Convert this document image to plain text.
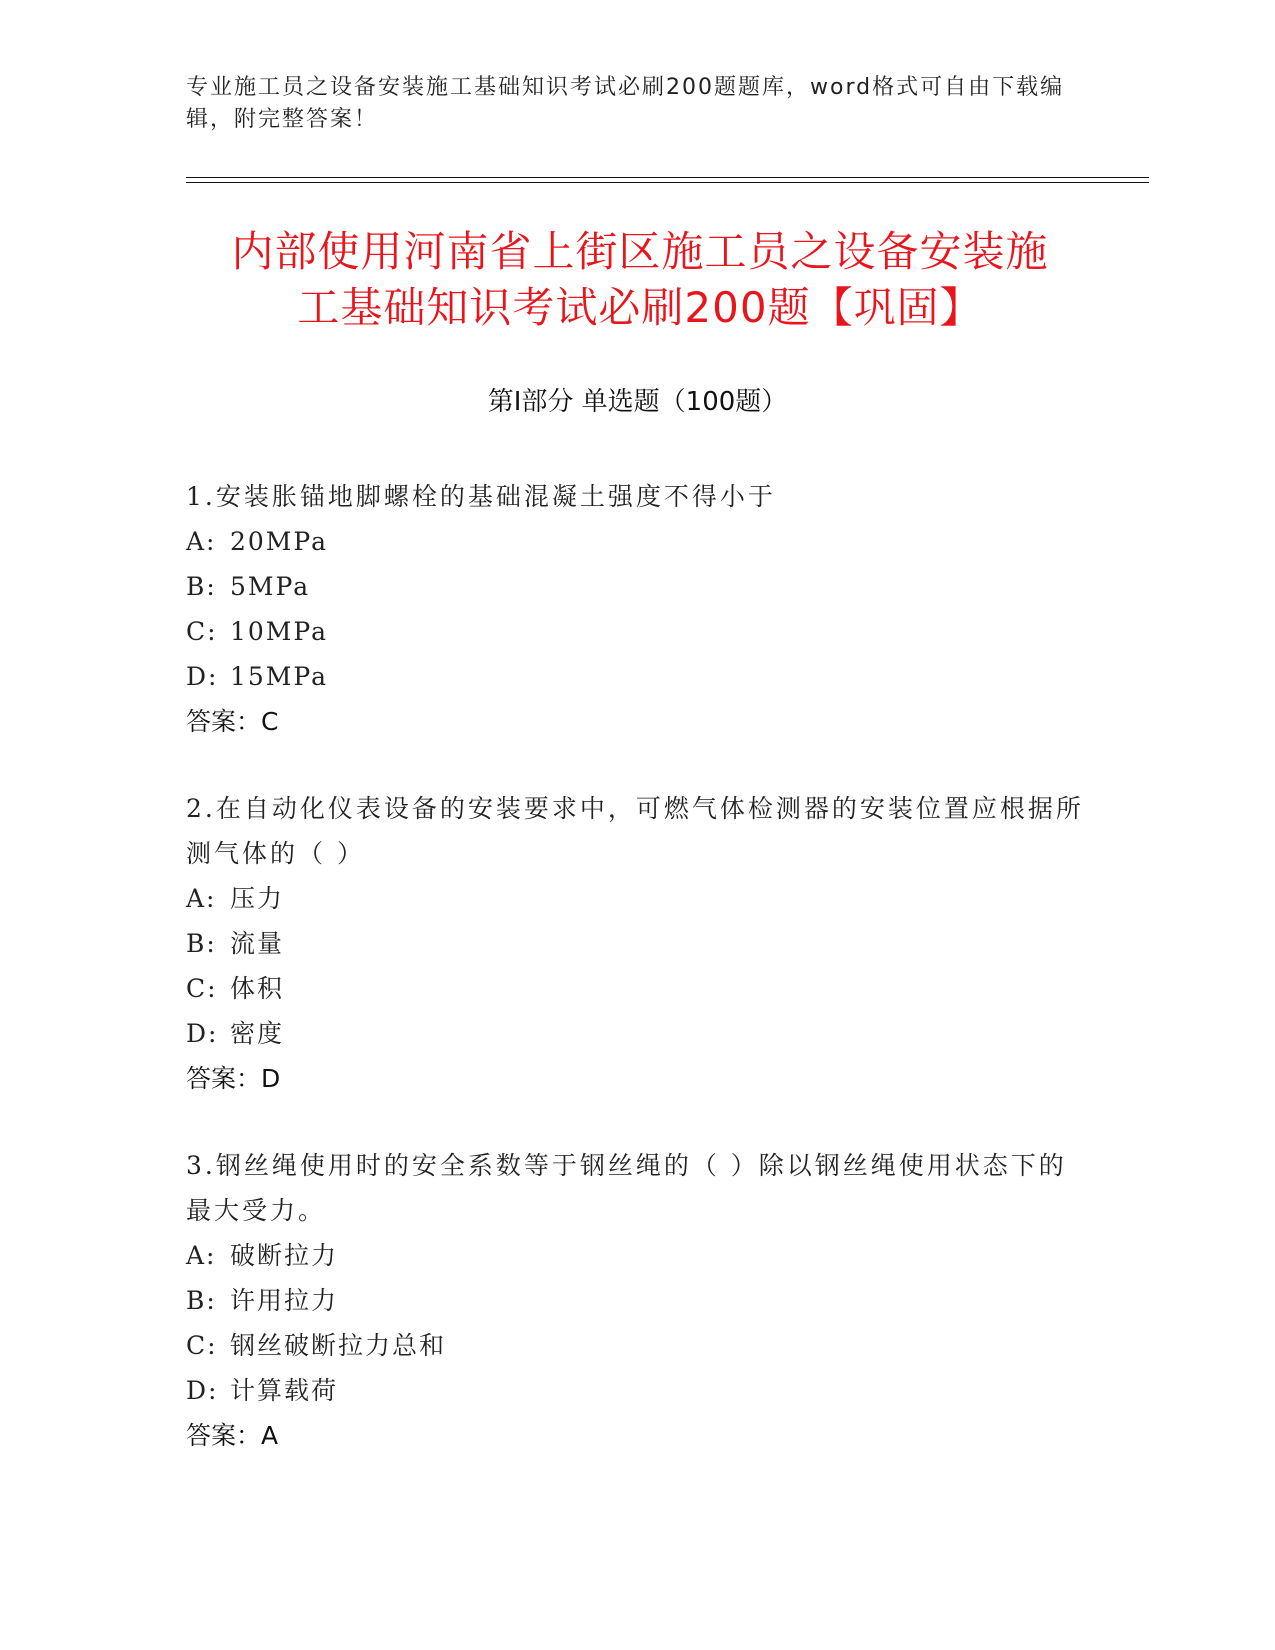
专业施工员之设备安装施工基础知识考试必刷200题题库，word格式可自由下载编辑，附完整答案！
内部使用河南省上街区施工员之设备安装施
工基础知识考试必刷200题【巩固】
第Ⅰ部分 单选题（100题）
1.安装胀锚地脚螺栓的基础混凝土强度不得小于
A: 20MPa
B: 5MPa
C: 10MPa
D: 15MPa
答案：C
2.在自动化仪表设备的安装要求中，可燃气体检测器的安装位置应根据所测气体的（ ）
A: 压力
B: 流量
C: 体积
D: 密度
答案：D
3.钢丝绳使用时的安全系数等于钢丝绳的（ ）除以钢丝绳使用状态下的最大受力。
A: 破断拉力
B: 许用拉力
C: 钢丝破断拉力总和
D: 计算载荷
答案：A
